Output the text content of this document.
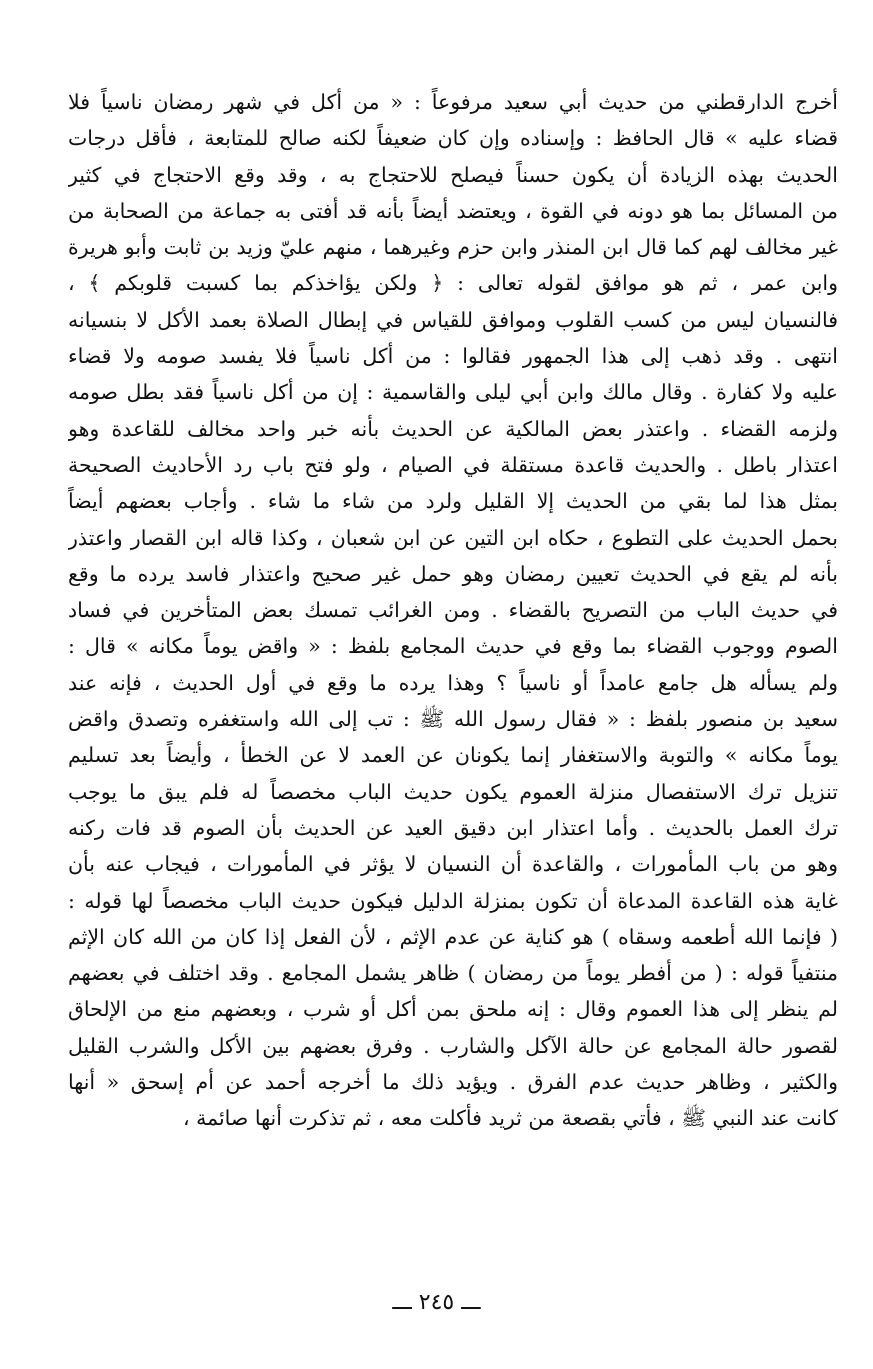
أخرج الدارقطني من حديث أبي سعيد مرفوعاً : « من أكل في شهر رمضان ناسياً فلا
قضاء عليه » قال الحافظ : وإسناده وإن كان ضعيفاً لكنه صالح للمتابعة ، فأقل درجات
الحديث بهذه الزيادة أن يكون حسناً فيصلح للاحتجاج به ، وقد وقع الاحتجاج في كثير
من المسائل بما هو دونه في القوة ، ويعتضد أيضاً بأنه قد أفتى به جماعة من الصحابة من
غير مخالف لهم كما قال ابن المنذر وابن حزم وغيرهما ، منهم عليّ وزيد بن ثابت وأبو هريرة
وابن عمر ، ثم هو موافق لقوله تعالى : ﴿ ولكن يؤاخذكم بما كسبت قلوبكم ﴾ ،
فالنسيان ليس من كسب القلوب وموافق للقياس في إبطال الصلاة بعمد الأكل لا بنسيانه
انتهى . وقد ذهب إلى هذا الجمهور فقالوا : من أكل ناسياً فلا يفسد صومه ولا قضاء
عليه ولا كفارة . وقال مالك وابن أبي ليلى والقاسمية : إن من أكل ناسياً فقد بطل صومه
ولزمه القضاء . واعتذر بعض المالكية عن الحديث بأنه خبر واحد مخالف للقاعدة وهو
اعتذار باطل . والحديث قاعدة مستقلة في الصيام ، ولو فتح باب رد الأحاديث الصحيحة
بمثل هذا لما بقي من الحديث إلا القليل ولرد من شاء ما شاء . وأجاب بعضهم أيضاً
بحمل الحديث على التطوع ، حكاه ابن التين عن ابن شعبان ، وكذا قاله ابن القصار واعتذر
بأنه لم يقع في الحديث تعيين رمضان وهو حمل غير صحيح واعتذار فاسد يرده ما وقع
في حديث الباب من التصريح بالقضاء . ومن الغرائب تمسك بعض المتأخرين في فساد
الصوم ووجوب القضاء بما وقع في حديث المجامع بلفظ : « واقض يوماً مكانه » قال :
ولم يسأله هل جامع عامداً أو ناسياً ؟ وهذا يرده ما وقع في أول الحديث ، فإنه عند
سعيد بن منصور بلفظ : « فقال رسول الله ﷺ : تب إلى الله واستغفره وتصدق واقض
يوماً مكانه » والتوبة والاستغفار إنما يكونان عن العمد لا عن الخطأ ، وأيضاً بعد تسليم
تنزيل ترك الاستفصال منزلة العموم يكون حديث الباب مخصصاً له فلم يبق ما يوجب
ترك العمل بالحديث . وأما اعتذار ابن دقيق العيد عن الحديث بأن الصوم قد فات ركنه
وهو من باب المأمورات ، والقاعدة أن النسيان لا يؤثر في المأمورات ، فيجاب عنه بأن
غاية هذه القاعدة المدعاة أن تكون بمنزلة الدليل فيكون حديث الباب مخصصاً لها قوله :
( فإنما الله أطعمه وسقاه ) هو كناية عن عدم الإثم ، لأن الفعل إذا كان من الله كان الإثم
منتفياً قوله : ( من أفطر يوماً من رمضان ) ظاهر يشمل المجامع . وقد اختلف في بعضهم
لم ينظر إلى هذا العموم وقال : إنه ملحق بمن أكل أو شرب ، وبعضهم منع من الإلحاق
لقصور حالة المجامع عن حالة الآكل والشارب . وفرق بعضهم بين الأكل والشرب القليل
والكثير ، وظاهر حديث عدم الفرق . ويؤيد ذلك ما أخرجه أحمد عن أم إسحق « أنها
كانت عند النبي ﷺ ، فأتي بقصعة من ثريد فأكلت معه ، ثم تذكرت أنها صائمة ،
ـــ ٢٤٥ ـــ
